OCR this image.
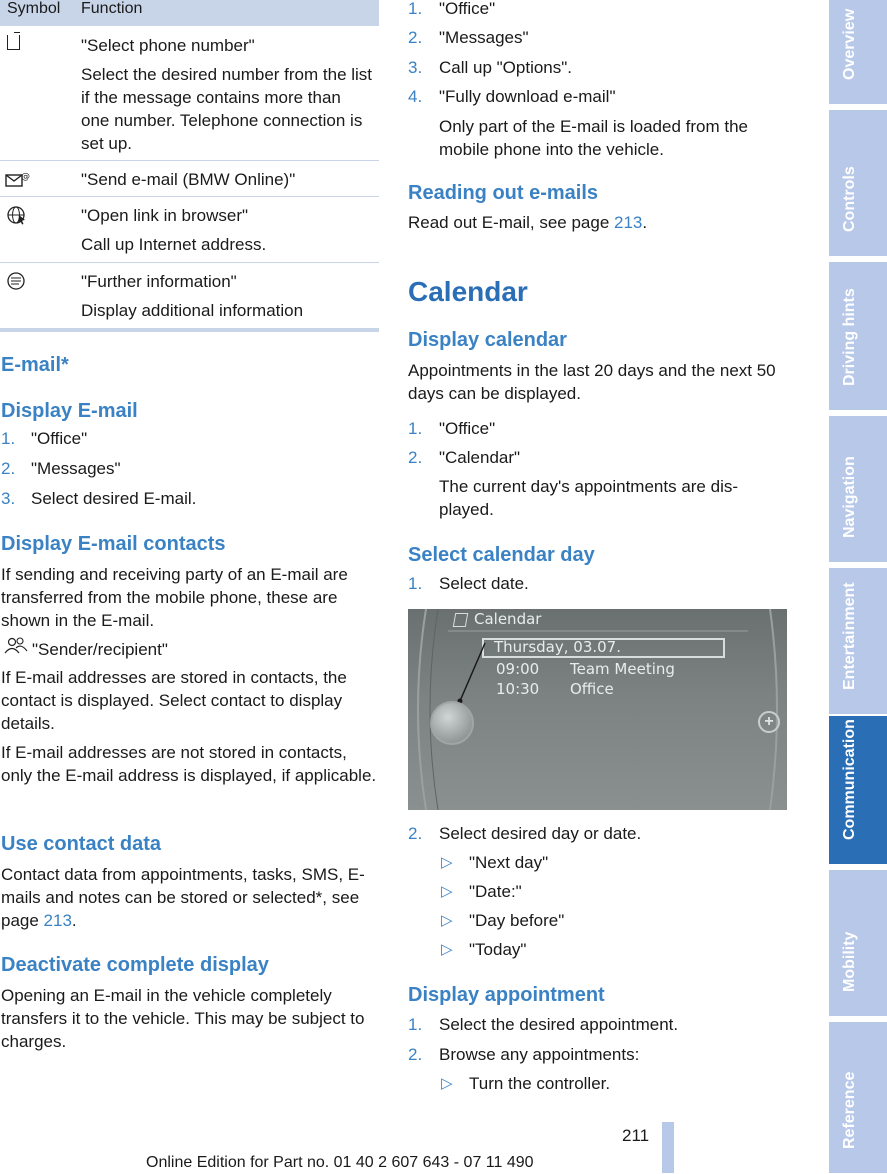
Symbol Function
"Select phone number"
Select the desired number from the list if the message contains more than one number. Telephone connection is set up.
@	"Send e-mail (BMW Online)"
"Open link in browser"
Call up Internet address.
"Further information"
Display additional information
E-mail*
Display E-mail
1. "Office"
2. "Messages"
3. Select desired E-mail.
Display E-mail contacts
If sending and receiving party of an E-mail are transferred from the mobile phone, these are shown in the E-mail.
"Sender/recipient"
If E-mail addresses are stored in contacts, the contact is displayed. Select contact to display details.
If E-mail addresses are not stored in contacts, only the E-mail address is displayed, if applicable.
Use contact data
Contact data from appointments, tasks, SMS, E-mails and notes can be stored or selected*, see page 213.
Deactivate complete display
Opening an E-mail in the vehicle completely transfers it to the vehicle. This may be subject to charges.
1. "Office"
2. "Messages"
3. Call up "Options".
4. "Fully download e-mail"
Only part of the E-mail is loaded from the mobile phone into the vehicle.
Reading out e-mails
Read out E-mail, see page 213.
Calendar
Display calendar
Appointments in the last 20 days and the next 50 days can be displayed.
1. "Office"
2. "Calendar"
The current day's appointments are displayed.
Select calendar day
1. Select date.
Calendar
Thursday, 03.07.
09:00 Team Meeting
10:30 Office
+
2. Select desired day or date.
▷ "Next day"
▷ "Date:"
▷ "Day before"
▷ "Today"
Display appointment
1. Select the desired appointment.
2. Browse any appointments:
▷ Turn the controller.
211
Online Edition for Part no. 01 40 2 607 643 - 07 11 490
Overview
Controls
Driving hints
Navigation
Entertainment
Communication
Mobility
Reference
